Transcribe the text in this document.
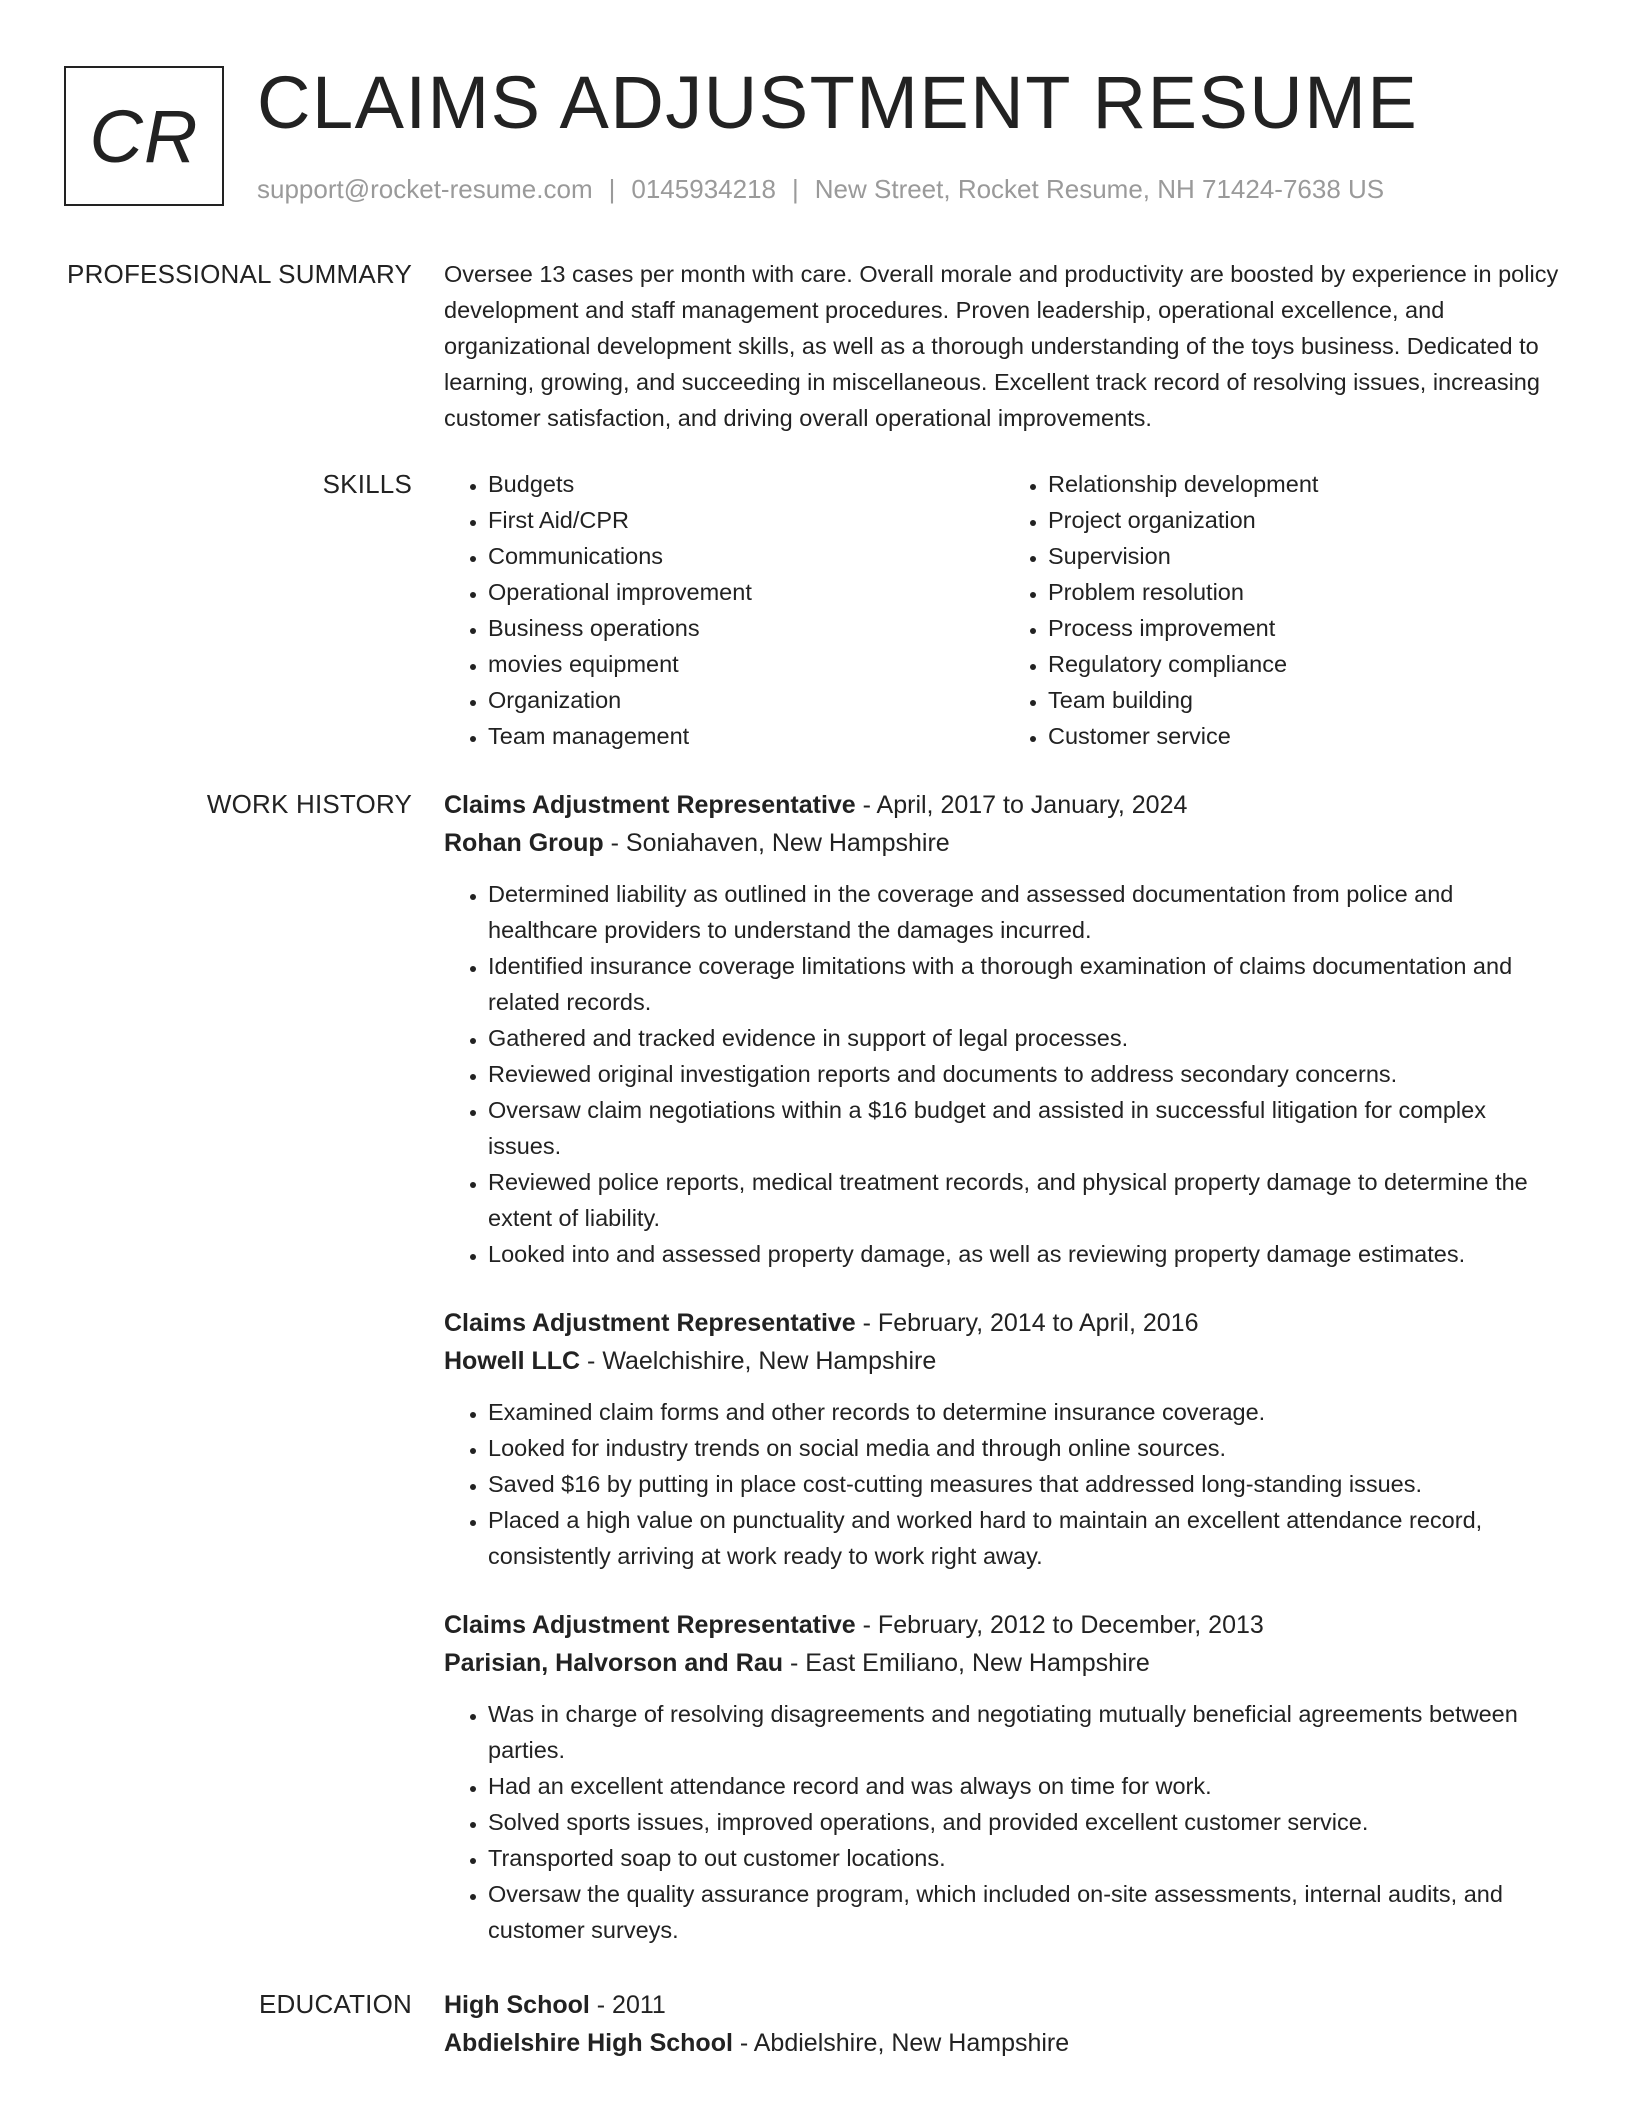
CR CLAIMS ADJUSTMENT RESUME
support@rocket-resume.com | 0145934218 | New Street, Rocket Resume, NH 71424-7638 US
PROFESSIONAL SUMMARY Oversee 13 cases per month with care. Overall morale and productivity are boosted by experience in policy development and staff management procedures. Proven leadership, operational excellence, and organizational development skills, as well as a thorough understanding of the toys business. Dedicated to learning, growing, and succeeding in miscellaneous. Excellent track record of resolving issues, increasing customer satisfaction, and driving overall operational improvements.

SKILLS
•	Budgets
• First Aid/CPR
• Communications
• Operational improvement
• Business operations
• movies equipment
• Organization
• Team management
• Relationship development
• Project organization
• Supervision
• Problem resolution
• Process improvement
• Regulatory compliance
• Team building
• Customer service
WORK HISTORY Claims Adjustment Representative - April, 2017 to January, 2024
Rohan Group - Soniahaven, New Hampshire
• Determined liability as outlined in the coverage and assessed documentation from police and healthcare providers to understand the damages incurred.
• Identified insurance coverage limitations with a thorough examination of claims documentation and related records.
• Gathered and tracked evidence in support of legal processes.
• Reviewed original investigation reports and documents to address secondary concerns.
• Oversaw claim negotiations within a $16 budget and assisted in successful litigation for complex issues.
• Reviewed police reports, medical treatment records, and physical property damage to determine the extent of liability.
• Looked into and assessed property damage, as well as reviewing property damage estimates.
Claims Adjustment Representative - February, 2014 to April, 2016
Howell LLC - Waelchishire, New Hampshire
• Examined claim forms and other records to determine insurance coverage.
• Looked for industry trends on social media and through online sources.
• Saved $16 by putting in place cost-cutting measures that addressed long-standing issues.
• Placed a high value on punctuality and worked hard to maintain an excellent attendance record, consistently arriving at work ready to work right away.
Claims Adjustment Representative - February, 2012 to December, 2013
Parisian, Halvorson and Rau - East Emiliano, New Hampshire
• Was in charge of resolving disagreements and negotiating mutually beneficial agreements between parties.
• Had an excellent attendance record and was always on time for work.
• Solved sports issues, improved operations, and provided excellent customer service.
• Transported soap to out customer locations.
• Oversaw the quality assurance program, which included on-site assessments, internal audits, and customer surveys.
EDUCATION High School - 2011
Abdielshire High School - Abdielshire, New Hampshire
